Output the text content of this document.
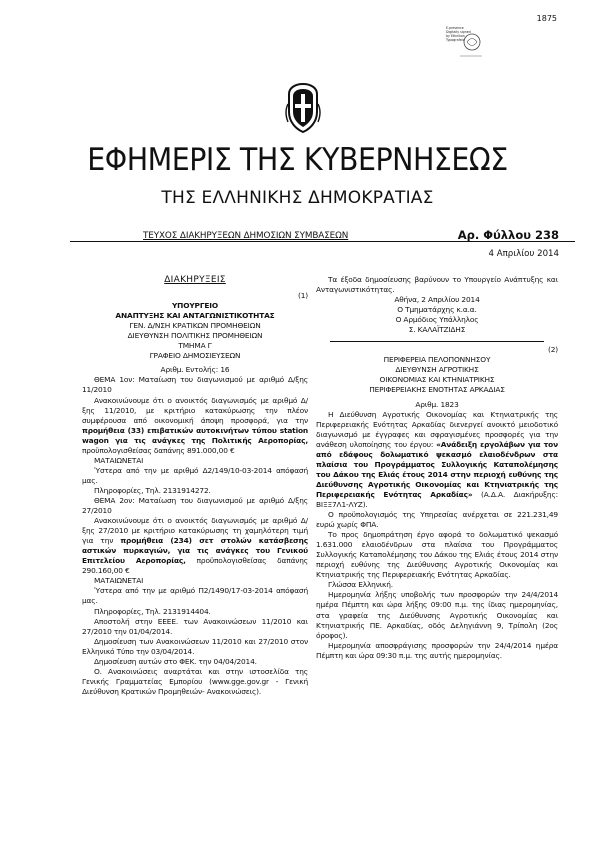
1875
E-presence
Digitally signed
by Ethnikon
Typografeio
ΕΦΗΜΕΡΙΣ ΤΗΣ ΚΥΒΕΡΝΗΣΕΩΣ
ΤΗΣ ΕΛΛΗΝΙΚΗΣ ΔΗΜΟΚΡΑΤΙΑΣ
ΤΕΥΧΟΣ ΔΙΑΚΗΡΥΞΕΩΝ ΔΗΜΟΣΙΩΝ ΣΥΜΒΑΣΕΩΝ	Αρ. Φύλλου 238
4 Απριλίου 2014

ΔΙΑΚΗΡΥΞΕΙΣ

(1)

ΥΠΟΥΡΓΕΙΟ

ΑΝΑΠΤΥΞΗΣ ΚΑΙ ΑΝΤΑΓΩΝΙΣΤΙΚΟΤΗΤΑΣ

ΓΕΝ. Δ/ΝΣΗ ΚΡΑΤΙΚΩΝ ΠΡΟΜΗΘΕΙΩΝ

ΔΙΕΥΘΥΝΣΗ ΠΟΛΙΤΙΚΗΣ ΠΡΟΜΗΘΕΙΩΝ

ΤΜΗΜΑ Γ

ΓΡΑΦΕΙΟ ΔΗΜΟΣΙΕΥΣΕΩΝ

Αριθμ. Εντολής: 16

ΘΕΜΑ 1ον: Ματαίωση του διαγωνισμού με αριθμό Δ/ξης 11/2010

Ανακοινώνουμε ότι ο ανοικτός διαγωνισμός με αριθμό Δ/ξης 11/2010, με κριτήριο κατακύρωσης την πλέον συμφέρουσα από οικονομική άποψη προσφορά, για την προμήθεια (33) επιβατικών αυτοκινήτων τύπου station wagon για τις ανάγκες της Πολιτικής Αεροπορίας, προϋπολογισθείσας δαπάνης 891.000,00 €

ΜΑΤΑΙΩΝΕΤΑΙ

Ύστερα από την με αριθμό Δ2/149/10-03-2014 απόφασή μας.

Πληροφορίες, Τηλ. 2131914272.

ΘΕΜΑ 2ον: Ματαίωση του διαγωνισμού με αριθμό Δ/ξης 27/2010

Ανακοινώνουμε ότι ο ανοικτός διαγωνισμός με αριθμό Δ/ξης 27/2010 με κριτήριο κατακύρωσης τη χαμηλότερη τιμή για την προμήθεια (234) σετ στολών κατάσβεσης αστικών πυρκαγιών, για τις ανάγκες του Γενικού Επιτελείου Αεροπορίας, προϋπολογισθείσας δαπάνης 290.160,00 €

ΜΑΤΑΙΩΝΕΤΑΙ

Ύστερα από την με αριθμό Π2/1490/17-03-2014 απόφασή μας.

Πληροφορίες, Τηλ. 2131914404.

Αποστολή στην ΕΕΕΕ. των Ανακοινώσεων 11/2010 και 27/2010 την 01/04/2014.

Δημοσίευση των Ανακοινώσεων 11/2010 και 27/2010 στον Ελληνικό Τύπο την 03/04/2014.

Δημοσίευση αυτών στο ΦΕΚ. την 04/04/2014.

Ο. Ανακοινώσεις αναρτάται και στην ιστοσελίδα της Γενικής Γραμματείας Εμπορίου (www.gge.gov.gr - Γενική Διεύθυνση Κρατικών Προμηθειών- Ανακοινώσεις).

Τα έξοδα δημοσίευσης βαρύνουν το Υπουργείο Ανάπτυξης και Ανταγωνιστικότητας.

Αθήνα, 2 Απριλίου 2014

Ο Τμηματάρχης κ.α.α.

Ο Αρμόδιος Υπάλληλος

Σ. ΚΑΛΑΪΤΖΙΔΗΣ

(2)

ΠΕΡΙΦΕΡΕΙΑ ΠΕΛΟΠΟΝΝΗΣΟΥ

ΔΙΕΥΘΥΝΣΗ ΑΓΡΟΤΙΚΗΣ

ΟΙΚΟΝΟΜΙΑΣ ΚΑΙ ΚΤΗΝΙΑΤΡΙΚΗΣ

ΠΕΡΙΦΕΡΕΙΑΚΗΣ ΕΝΟΤΗΤΑΣ ΑΡΚΑΔΙΑΣ

Αριθμ. 1823

Η Διεύθυνση Αγροτικής Οικονομίας και Κτηνιατρικής της Περιφερειακής Ενότητας Αρκαδίας διενεργεί ανοικτό μειοδοτικό διαγωνισμό με έγγραφες και σφραγισμένες προσφορές για την ανάθεση υλοποίησης του έργου: «Ανάδειξη εργολάβων για τον από εδάφους δολωματικό ψεκασμό ελαιοδένδρων στα πλαίσια του Προγράμματος Συλλογικής Καταπολέμησης του Δάκου της Ελιάς έτους 2014 στην περιοχή ευθύνης της Διεύθυνσης Αγροτικής Οικονομίας και Κτηνιατρικής της Περιφερειακής Ενότητας Αρκαδίας» (Α.Δ.Α. Διακήρυξης: ΒΙΞΞ7Λ1-ΛΥΖ).

Ο προϋπολογισμός της Υπηρεσίας ανέρχεται σε 221.231,49 ευρώ χωρίς ΦΠΑ.

Το προς δημοπράτηση έργο αφορά το δολωματικό ψεκασμό 1.631.000 ελαιοδένδρων στα πλαίσια του Προγράμματος Συλλογικής Καταπολέμησης του Δάκου της Ελιάς έτους 2014 στην περιοχή ευθύνης της Διεύθυνσης Αγροτικής Οικονομίας και Κτηνιατρικής της Περιφερειακής Ενότητας Αρκαδίας.

Γλώσσα Ελληνική.

Ημερομηνία λήξης υποβολής των προσφορών την 24/4/2014 ημέρα Πέμπτη και ώρα λήξης 09:00 π.μ. της ίδιας ημερομηνίας, στα γραφεία της Διεύθυνσης Αγροτικής Οικονομίας και Κτηνιατρικής ΠΕ. Αρκαδίας, οδός Δεληγιάννη 9, Τρίπολη (2ος όροφος).

Ημερομηνία αποσφράγισης προσφορών την 24/4/2014 ημέρα Πέμπτη και ώρα 09:30 π.μ. της αυτής ημερομηνίας.
